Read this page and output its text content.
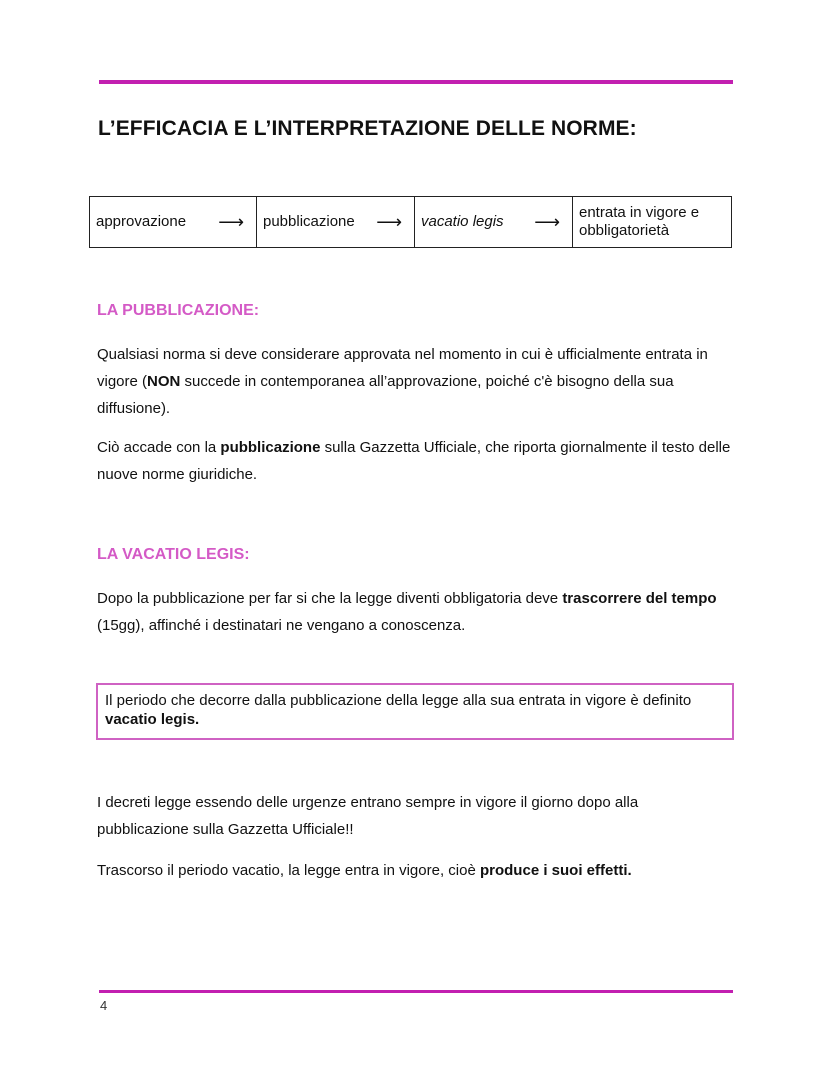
L’EFFICACIA E L’INTERPRETAZIONE DELLE NORME:
approvazione ⟶	pubblicazione ⟶	vacatio legis ⟶	entrata in vigore e obbligatorietà
LA PUBBLICAZIONE:

Qualsiasi norma si deve considerare approvata nel momento in cui è ufficialmente entrata in vigore (NON succede in contemporanea all’approvazione, poiché c'è bisogno della sua diffusione).

Ciò accade con la pubblicazione sulla Gazzetta Ufficiale, che riporta giornalmente il testo delle nuove norme giuridiche.

LA VACATIO LEGIS:

Dopo la pubblicazione per far si che la legge diventi obbligatoria deve trascorrere del tempo (15gg), affinché i destinatari ne vengano a conoscenza.

Il periodo che decorre dalla pubblicazione della legge alla sua entrata in vigore è definito vacatio legis.

I decreti legge essendo delle urgenze entrano sempre in vigore il giorno dopo alla pubblicazione sulla Gazzetta Ufficiale!!

Trascorso il periodo vacatio, la legge entra in vigore, cioè produce i suoi effetti.

4
